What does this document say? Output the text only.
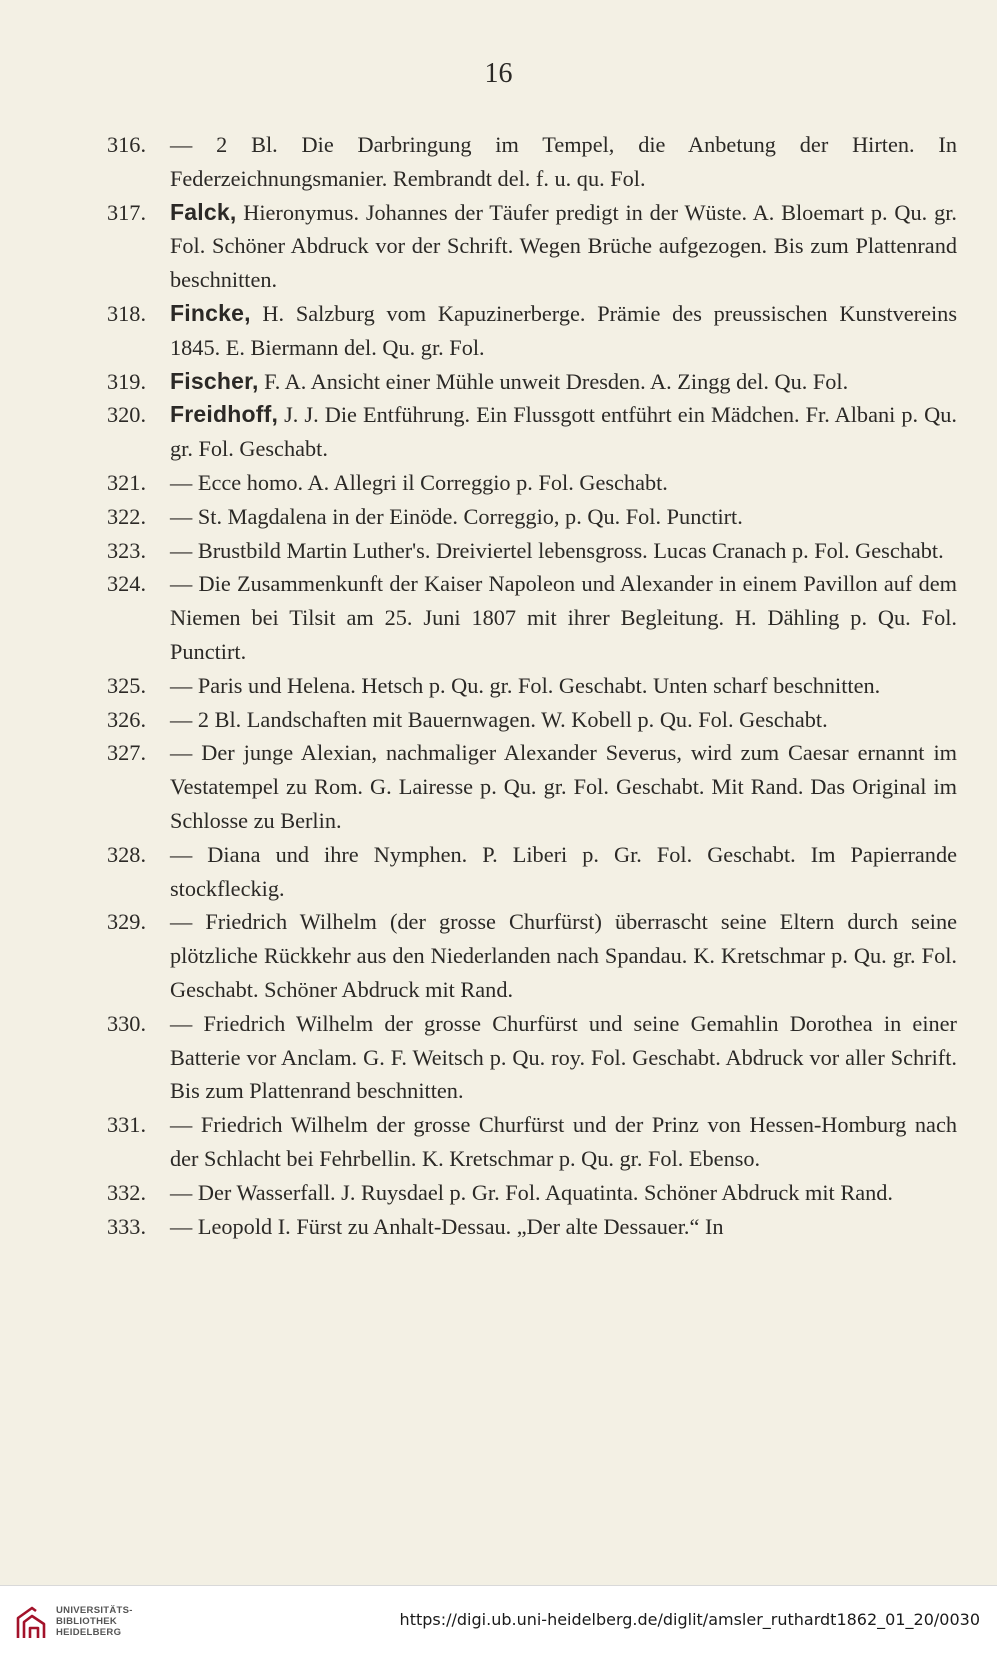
16
316.	— 2 Bl. Die Darbringung im Tempel, die Anbetung der Hirten. In Federzeichnungsmanier. Rembrandt del. f. u. qu. Fol.
317.	Falck, Hieronymus. Johannes der Täufer predigt in der Wüste. A. Bloemart p. Qu. gr. Fol. Schöner Abdruck vor der Schrift. Wegen Brüche aufgezogen. Bis zum Plattenrand beschnitten.
318.	Fincke, H. Salzburg vom Kapuzinerberge. Prämie des preussischen Kunstvereins 1845. E. Biermann del. Qu. gr. Fol.
319.	Fischer, F. A. Ansicht einer Mühle unweit Dresden. A. Zingg del. Qu. Fol.
320.	Freidhoff, J. J. Die Entführung. Ein Flussgott entführt ein Mädchen. Fr. Albani p. Qu. gr. Fol. Geschabt.
321.	— Ecce homo. A. Allegri il Correggio p. Fol. Geschabt.
322.	— St. Magdalena in der Einöde. Correggio, p. Qu. Fol. Punctirt.
323.	— Brustbild Martin Luther's. Dreiviertel lebensgross. Lucas Cranach p. Fol. Geschabt.
324.	— Die Zusammenkunft der Kaiser Napoleon und Alexander in einem Pavillon auf dem Niemen bei Tilsit am 25. Juni 1807 mit ihrer Begleitung. H. Dähling p. Qu. Fol. Punctirt.
325.	— Paris und Helena. Hetsch p. Qu. gr. Fol. Geschabt. Unten scharf beschnitten.
326.	— 2 Bl. Landschaften mit Bauernwagen. W. Kobell p. Qu. Fol. Geschabt.
327.	— Der junge Alexian, nachmaliger Alexander Severus, wird zum Caesar ernannt im Vestatempel zu Rom. G. Lairesse p. Qu. gr. Fol. Geschabt. Mit Rand. Das Original im Schlosse zu Berlin.
328.	— Diana und ihre Nymphen. P. Liberi p. Gr. Fol. Geschabt. Im Papierrande stockfleckig.
329.	— Friedrich Wilhelm (der grosse Churfürst) überrascht seine Eltern durch seine plötzliche Rückkehr aus den Niederlanden nach Spandau. K. Kretschmar p. Qu. gr. Fol. Geschabt. Schöner Abdruck mit Rand.
330.	— Friedrich Wilhelm der grosse Churfürst und seine Gemahlin Dorothea in einer Batterie vor Anclam. G. F. Weitsch p. Qu. roy. Fol. Geschabt. Abdruck vor aller Schrift. Bis zum Plattenrand beschnitten.
331.	— Friedrich Wilhelm der grosse Churfürst und der Prinz von Hessen-Homburg nach der Schlacht bei Fehrbellin. K. Kretschmar p. Qu. gr. Fol. Ebenso.
332.	— Der Wasserfall. J. Ruysdael p. Gr. Fol. Aquatinta. Schöner Abdruck mit Rand.
333.	— Leopold I. Fürst zu Anhalt-Dessau. „Der alte Dessauer.“ In
UNIVERSITÄTS-
BIBLIOTHEK
HEIDELBERG
https://digi.ub.uni-heidelberg.de/diglit/amsler_ruthardt1862_01_20/0030
